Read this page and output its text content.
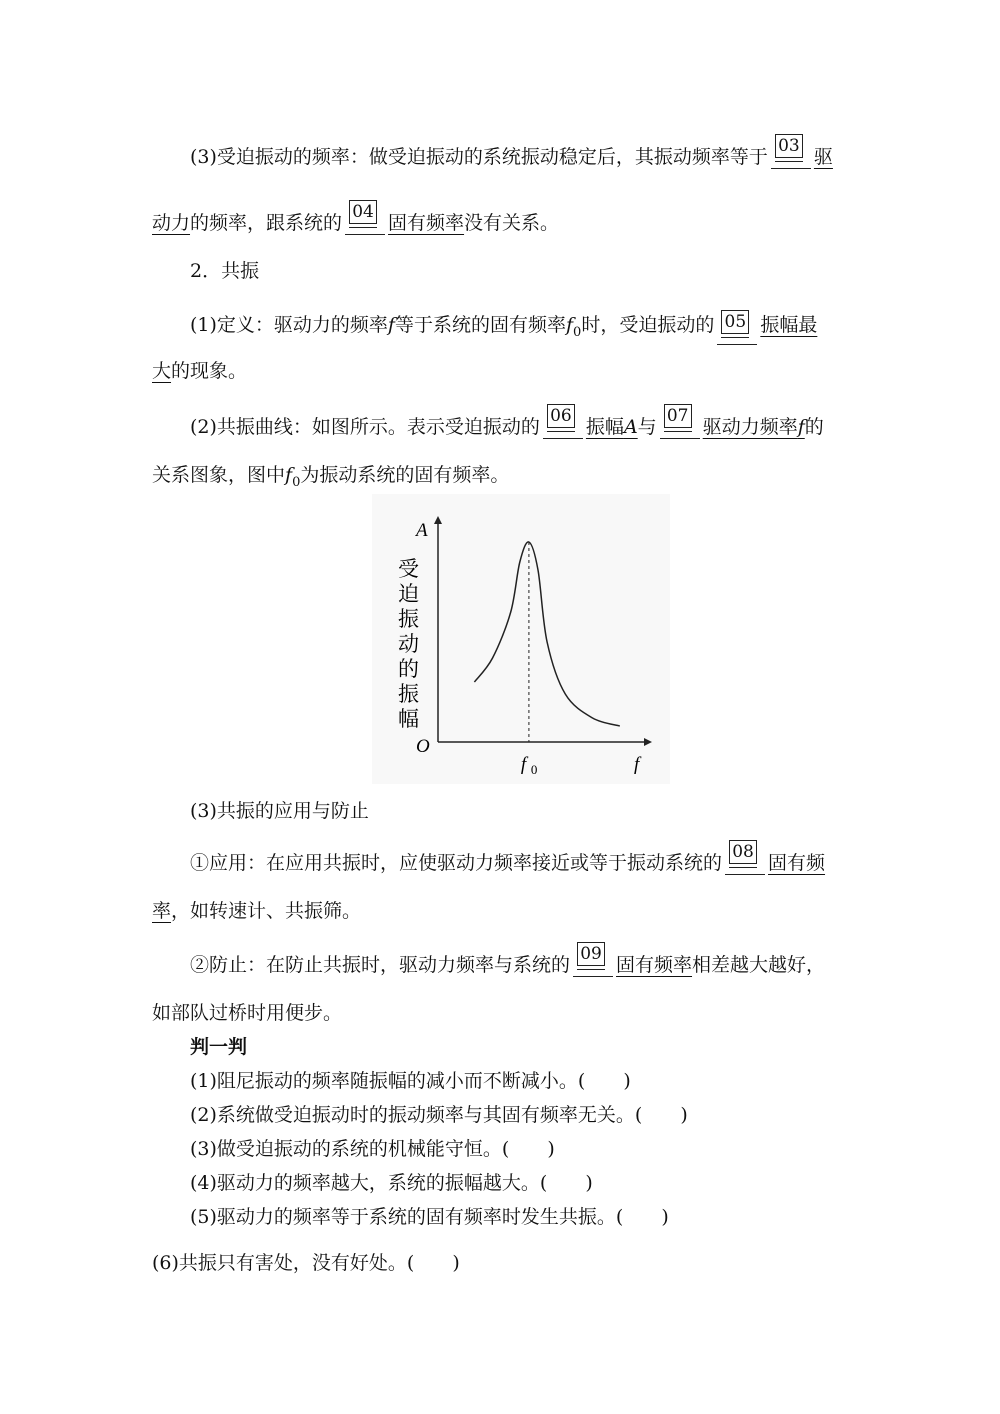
(3)受迫振动的频率：做受迫振动的系统振动稳定后，其振动频率等于 03 驱
动力的频率，跟系统的 04 固有频率没有关系。
2．共振
(1)定义：驱动力的频率f等于系统的固有频率$f_0$时，受迫振动的 05 振幅最
大的现象。
(2)共振曲线：如图所示。表示受迫振动的 06 振幅A与 07 驱动力频率f的
关系图象，图中$f_0$为振动系统的固有频率。
A
O
f
受
迫
振
动
的
振
幅
f 0
(3)共振的应用与防止
①应用：在应用共振时，应使驱动力频率接近或等于振动系统的 08 固有频
率，如转速计、共振筛。
②防止：在防止共振时，驱动力频率与系统的 09 固有频率相差越大越好，
如部队过桥时用便步。
判一判
(1)阻尼振动的频率随振幅的减小而不断减小。(　　)
(2)系统做受迫振动时的振动频率与其固有频率无关。(　　)
(3)做受迫振动的系统的机械能守恒。(　　)
(4)驱动力的频率越大，系统的振幅越大。(　　)
(5)驱动力的频率等于系统的固有频率时发生共振。(　　)
(6)共振只有害处，没有好处。(　　)
